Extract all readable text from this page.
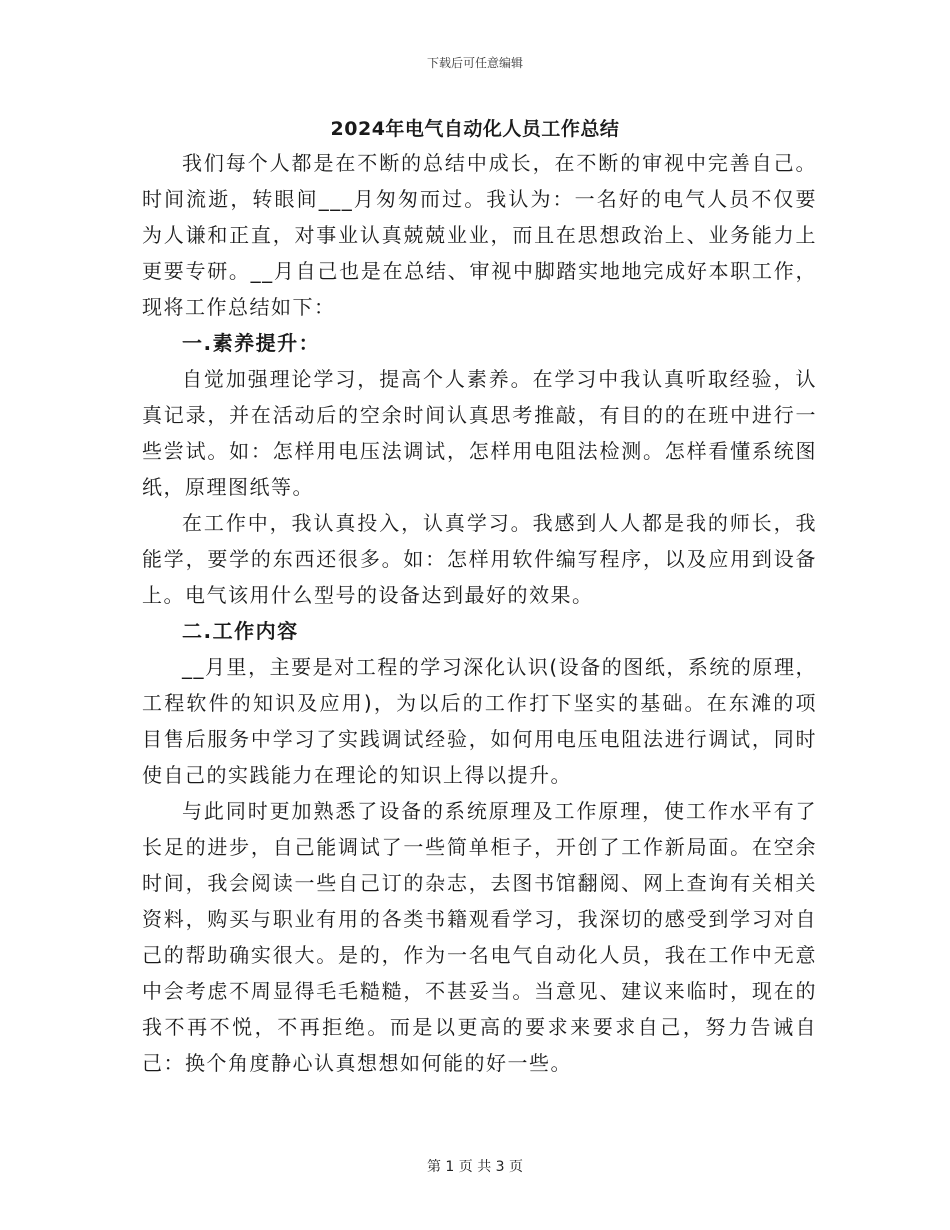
下载后可任意编辑
2024年电气自动化人员工作总结

我们每个人都是在不断的总结中成长，在不断的审视中完善自己。时间流逝，转眼间___月匆匆而过。我认为：一名好的电气人员不仅要为人谦和正直，对事业认真兢兢业业，而且在思想政治上、业务能力上更要专研。__月自己也是在总结、审视中脚踏实地地完成好本职工作，现将工作总结如下：

一.素养提升：

自觉加强理论学习，提高个人素养。在学习中我认真听取经验，认真记录，并在活动后的空余时间认真思考推敲，有目的的在班中进行一些尝试。如：怎样用电压法调试，怎样用电阻法检测。怎样看懂系统图纸，原理图纸等。

在工作中，我认真投入，认真学习。我感到人人都是我的师长，我能学，要学的东西还很多。如：怎样用软件编写程序，以及应用到设备上。电气该用什么型号的设备达到最好的效果。

二.工作内容

__月里，主要是对工程的学习深化认识(设备的图纸，系统的原理，工程软件的知识及应用)，为以后的工作打下坚实的基础。在东滩的项目售后服务中学习了实践调试经验，如何用电压电阻法进行调试，同时使自己的实践能力在理论的知识上得以提升。

与此同时更加熟悉了设备的系统原理及工作原理，使工作水平有了长足的进步，自己能调试了一些简单柜子，开创了工作新局面。在空余时间，我会阅读一些自己订的杂志，去图书馆翻阅、网上查询有关相关资料，购买与职业有用的各类书籍观看学习，我深切的感受到学习对自己的帮助确实很大。是的，作为一名电气自动化人员，我在工作中无意中会考虑不周显得毛毛糙糙，不甚妥当。当意见、建议来临时，现在的我不再不悦，不再拒绝。而是以更高的要求来要求自己，努力告诫自己：换个角度静心认真想想如何能的好一些。

第 1 页 共 3 页
